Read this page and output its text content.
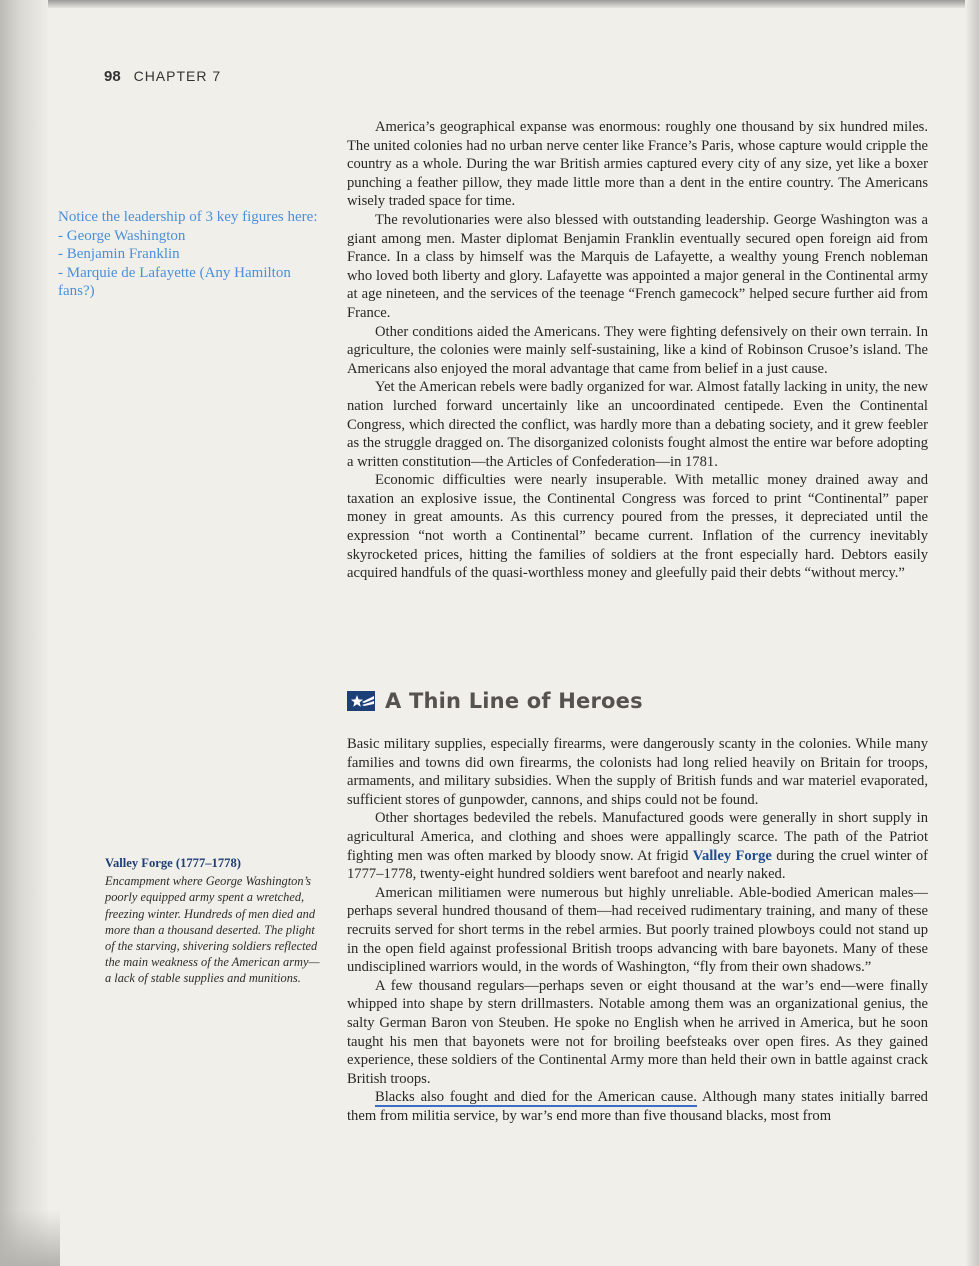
98 CHAPTER 7
Notice the leadership of 3 key figures here:
- George Washington
- Benjamin Franklin
- Marquie de Lafayette (Any Hamilton fans?)

America’s geographical expanse was enormous: roughly one thousand by six hundred miles. The united colonies had no urban nerve center like France’s Paris, whose capture would cripple the country as a whole. During the war British armies captured every city of any size, yet like a boxer punching a feather pillow, they made little more than a dent in the entire country. The Americans wisely traded space for time.

The revolutionaries were also blessed with outstanding leadership. George Washington was a giant among men. Master diplomat Benjamin Franklin eventually secured open foreign aid from France. In a class by himself was the Marquis de Lafayette, a wealthy young French nobleman who loved both liberty and glory. Lafayette was appointed a major general in the Continental army at age nineteen, and the services of the teenage “French gamecock” helped secure further aid from France.

Other conditions aided the Americans. They were fighting defensively on their own terrain. In agriculture, the colonies were mainly self-sustaining, like a kind of Robinson Crusoe’s island. The Americans also enjoyed the moral advantage that came from belief in a just cause.

Yet the American rebels were badly organized for war. Almost fatally lacking in unity, the new nation lurched forward uncertainly like an uncoordinated centipede. Even the Continental Congress, which directed the conflict, was hardly more than a debating society, and it grew feebler as the struggle dragged on. The disorganized colonists fought almost the entire war before adopting a written constitution—the Articles of Confederation—in 1781.

Economic difficulties were nearly insuperable. With metallic money drained away and taxation an explosive issue, the Continental Congress was forced to print “Continental” paper money in great amounts. As this currency poured from the presses, it depreciated until the expression “not worth a Continental” became current. Inflation of the currency inevitably skyrocketed prices, hitting the families of soldiers at the front especially hard. Debtors easily acquired handfuls of the quasi-worthless money and gleefully paid their debts “without mercy.”

A Thin Line of Heroes

Basic military supplies, especially firearms, were dangerously scanty in the colonies. While many families and towns did own firearms, the colonists had long relied heavily on Britain for troops, armaments, and military subsidies. When the supply of British funds and war materiel evaporated, sufficient stores of gunpowder, cannons, and ships could not be found.

Other shortages bedeviled the rebels. Manufactured goods were generally in short supply in agricultural America, and clothing and shoes were appallingly scarce. The path of the Patriot fighting men was often marked by bloody snow. At frigid Valley Forge during the cruel winter of 1777–1778, twenty-eight hundred soldiers went barefoot and nearly naked.

American militiamen were numerous but highly unreliable. Able-bodied American males—perhaps several hundred thousand of them—had received rudimentary training, and many of these recruits served for short terms in the rebel armies. But poorly trained plowboys could not stand up in the open field against professional British troops advancing with bare bayonets. Many of these undisciplined warriors would, in the words of Washington, “fly from their own shadows.”

A few thousand regulars—perhaps seven or eight thousand at the war’s end—were finally whipped into shape by stern drillmasters. Notable among them was an organizational genius, the salty German Baron von Steuben. He spoke no English when he arrived in America, but he soon taught his men that bayonets were not for broiling beefsteaks over open fires. As they gained experience, these soldiers of the Continental Army more than held their own in battle against crack British troops.

Blacks also fought and died for the American cause. Although many states initially barred them from militia service, by war’s end more than five thousand blacks, most from

Valley Forge (1777–1778)
Encampment where George Washington’s poorly equipped army spent a wretched, freezing winter. Hundreds of men died and more than a thousand deserted. The plight of the starving, shivering soldiers reflected the main weakness of the American army—a lack of stable supplies and munitions.
